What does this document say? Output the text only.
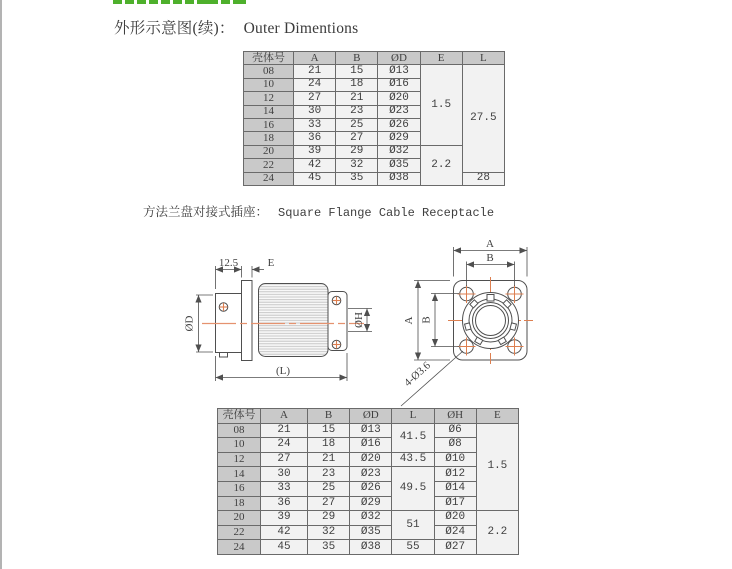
外形示意图(续)： Outer Dimentions
壳体号	A	B	ØD	E	L
08	21	15	Ø13	1.5	27.5
10	24	18	Ø16		
12	27	21	Ø20		
14	30	23	Ø23		
16	33	25	Ø26		
18	36	27	Ø29		
20	39	29	Ø32	2.2	
22	42	32	Ø35		
24	45	35	Ø38		28
方法兰盘对接式插座： Square Flange Cable Receptacle
12.5	E
ØD	ØH
(L)
A
B
A B
4-Ø3.6
壳体号	A	B	ØD	L	ØH	E
08	21	15	Ø13	41.5	Ø6	1.5
10	24	18	Ø16		Ø8	
12	27	21	Ø20	43.5	Ø10	
14	30	23	Ø23	49.5	Ø12	
16	33	25	Ø26		Ø14	
18	36	27	Ø29		Ø17	
20	39	29	Ø32	51	Ø20	2.2
22	42	32	Ø35		Ø24	
24	45	35	Ø38	55	Ø27	
